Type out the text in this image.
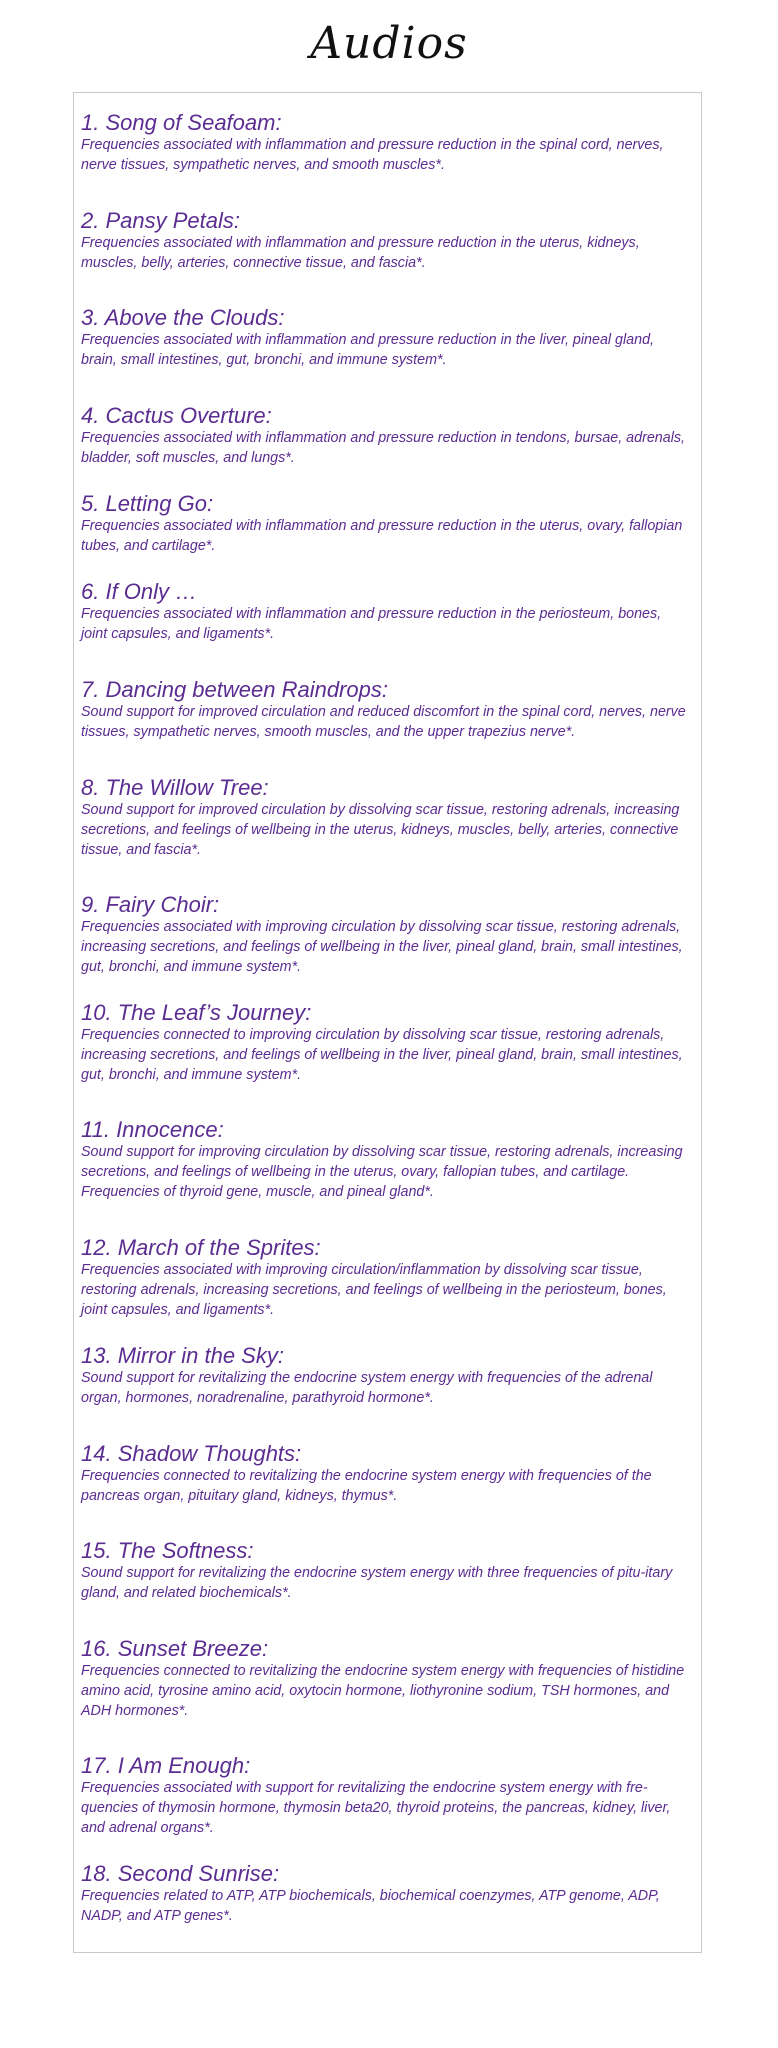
Audios
1. Song of Seafoam:
Frequencies associated with inflammation and pressure reduction in the spinal cord, nerves, nerve tissues, sympathetic nerves, and smooth muscles*.
2. Pansy Petals:
Frequencies associated with inflammation and pressure reduction in the uterus, kidneys, muscles, belly, arteries, connective tissue, and fascia*.
3. Above the Clouds:
Frequencies associated with inflammation and pressure reduction in the liver, pineal gland, brain, small intestines, gut, bronchi, and immune system*.
4. Cactus Overture:
Frequencies associated with inflammation and pressure reduction in tendons, bursae, adrenals, bladder, soft muscles, and lungs*.
5. Letting Go:
Frequencies associated with inflammation and pressure reduction in the uterus, ovary, fallopian tubes, and cartilage*.
6. If Only …
Frequencies associated with inflammation and pressure reduction in the periosteum, bones, joint capsules, and ligaments*.
7. Dancing between Raindrops:
Sound support for improved circulation and reduced discomfort in the spinal cord, nerves, nerve tissues, sympathetic nerves, smooth muscles, and the upper trapezius nerve*.
8. The Willow Tree:
Sound support for improved circulation by dissolving scar tissue, restoring adrenals, increasing secretions, and feelings of wellbeing in the uterus, kidneys, muscles, belly, arteries, connective tissue, and fascia*.
9. Fairy Choir:
Frequencies associated with improving circulation by dissolving scar tissue, restoring adrenals, increasing secretions, and feelings of wellbeing in the liver, pineal gland, brain, small intestines, gut, bronchi, and immune system*.
10. The Leaf’s Journey:
Frequencies connected to improving circulation by dissolving scar tissue, restoring adrenals, increasing secretions, and feelings of wellbeing in the liver, pineal gland, brain, small intestines, gut, bronchi, and immune system*.
11. Innocence:
Sound support for improving circulation by dissolving scar tissue, restoring adrenals, increasing secretions, and feelings of wellbeing in the uterus, ovary, fallopian tubes, and cartilage. Frequencies of thyroid gene, muscle, and pineal gland*.
12. March of the Sprites:
Frequencies associated with improving circulation/inflammation by dissolving scar tissue, restoring adrenals, increasing secretions, and feelings of wellbeing in the periosteum, bones, joint capsules, and ligaments*.
13. Mirror in the Sky:
Sound support for revitalizing the endocrine system energy with frequencies of the adrenal organ, hormones, noradrenaline, parathyroid hormone*.
14. Shadow Thoughts:
Frequencies connected to revitalizing the endocrine system energy with frequencies of the pancreas organ, pituitary gland, kidneys, thymus*.
15. The Softness:
Sound support for revitalizing the endocrine system energy with three frequencies of pitu-itary gland, and related biochemicals*.
16. Sunset Breeze:
Frequencies connected to revitalizing the endocrine system energy with frequencies of histidine amino acid, tyrosine amino acid, oxytocin hormone, liothyronine sodium, TSH hormones, and ADH hormones*.
17. I Am Enough:
Frequencies associated with support for revitalizing the endocrine system energy with fre-quencies of thymosin hormone, thymosin beta20, thyroid proteins, the pancreas, kidney, liver, and adrenal organs*.
18. Second Sunrise:
Frequencies related to ATP, ATP biochemicals, biochemical coenzymes, ATP genome, ADP, NADP, and ATP genes*.
